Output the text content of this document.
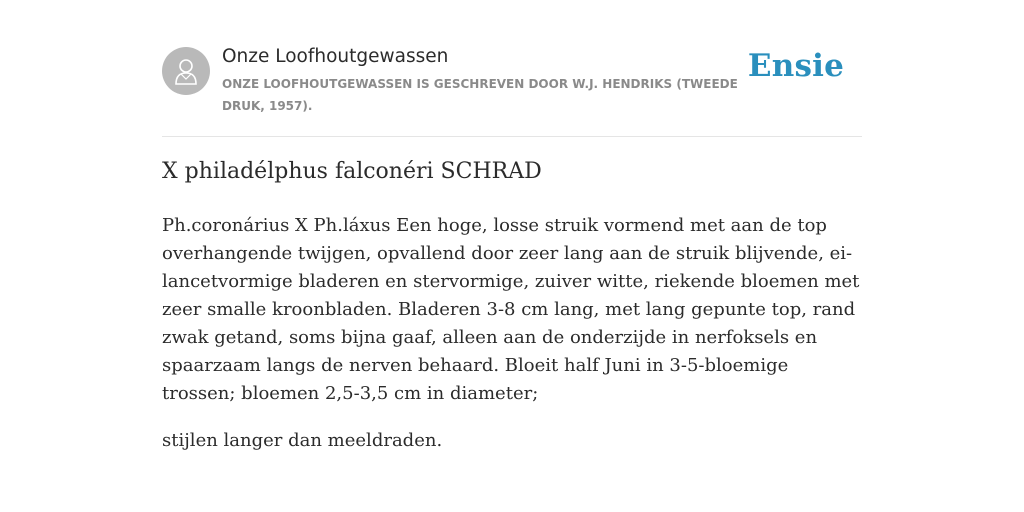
Onze Loofhoutgewassen
ONZE LOOFHOUTGEWASSEN IS GESCHREVEN DOOR W.J. HENDRIKS (TWEEDE DRUK, 1957).
Ensie
X philadélphus falconéri SCHRAD

Ph.coronárius X Ph.láxus Een hoge, losse struik vormend met aan de top overhangende twijgen, opvallend door zeer lang aan de struik blijvende, ei-lancetvormige bladeren en stervormige, zuiver witte, riekende bloemen met zeer smalle kroonbladen. Bladeren 3-8 cm lang, met lang gepunte top, rand zwak getand, soms bijna gaaf, alleen aan de onderzijde in nerfoksels en spaarzaam langs de nerven behaard. Bloeit half Juni in 3-5-bloemige trossen; bloemen 2,5-3,5 cm in diameter;

stijlen langer dan meeldraden.
